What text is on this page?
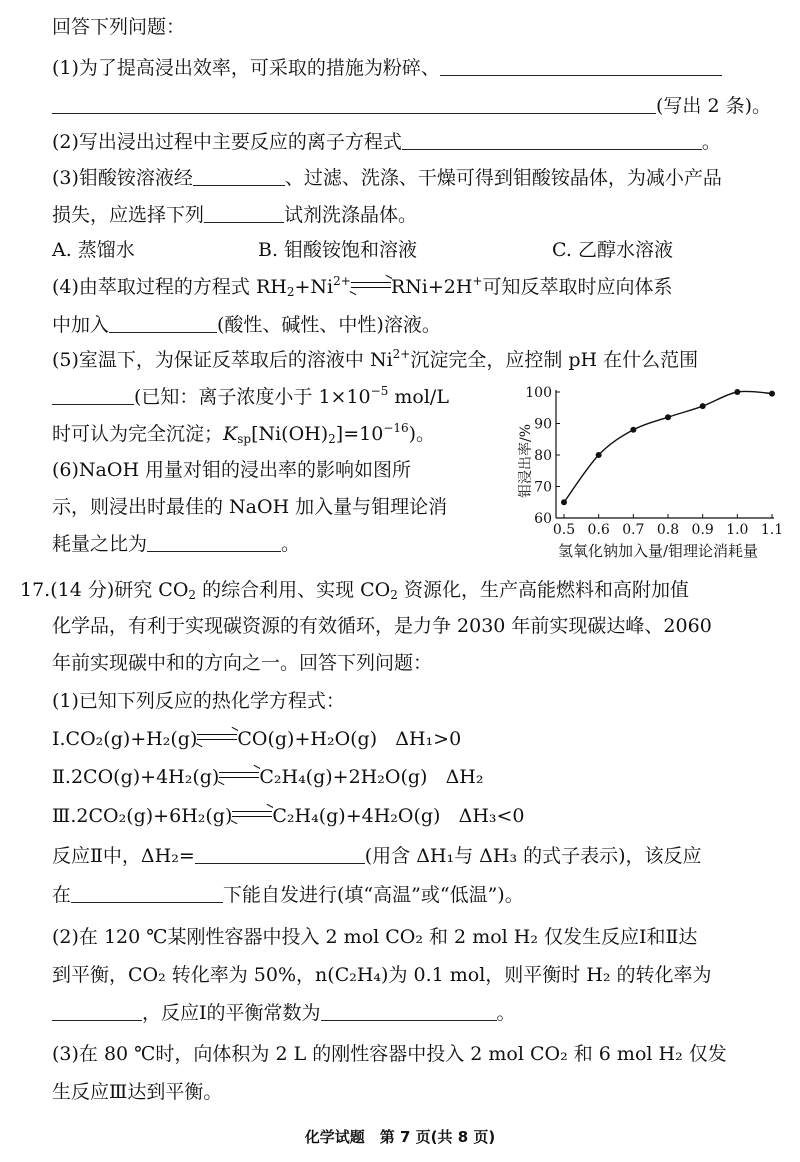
回答下列问题：
(1)为了提高浸出效率，可采取的措施为粉碎、
(写出 2 条)。
(2)写出浸出过程中主要反应的离子方程式	。
(3)钼酸铵溶液经	、过滤、洗涤、干燥可得到钼酸铵晶体，为减小产品
损失，应选择下列	试剂洗涤晶体。
A. 蒸馏水	B. 钼酸铵饱和溶液	C. 乙醇水溶液
(4)由萃取过程的方程式 $RH_2+Ni^{2+}$ RNi+2H+可知反萃取时应向体系
中加入	(酸性、碱性、中性)溶液。
(5)室温下，为保证反萃取后的溶液中 $Ni^{2+}$沉淀完全，应控制 pH 在什么范围
(已知：离子浓度小于 $1\times 10^{-5}$ mol/L
时可认为完全沉淀；$K_{sp}[Ni(OH)_2]=10^{-16}$)。
(6)NaOH 用量对钼的浸出率的影响如图所
示，则浸出时最佳的 NaOH 加入量与钼理论消
耗量之比为	。
60
70
80
90
100
0.5 0.6 0.7 0.8 0.9 1.0 1.1
钼浸出率/%
氢氧化钠加入量/钼理论消耗量
17.(14 分)研究 $CO_2$ 的综合利用、实现 $CO_2$ 资源化，生产高能燃料和高附加值
化学品，有利于实现碳资源的有效循环，是力争 2030 年前实现碳达峰、2060
年前实现碳中和的方向之一。回答下列问题：
(1)已知下列反应的热化学方程式：
Ⅰ.CO₂(g)+H₂(g) CO(g)+H₂O(g) ΔH₁>0
Ⅱ.2CO(g)+4H₂(g) C₂H₄(g)+2H₂O(g) ΔH₂
Ⅲ.2CO₂(g)+6H₂(g) C₂H₄(g)+4H₂O(g) ΔH₃<0
反应Ⅱ中，ΔH₂=	(用含 ΔH₁与 ΔH₃ 的式子表示)，该反应
在	下能自发进行(填“高温”或“低温”)。
(2)在 120 ℃某刚性容器中投入 2 mol CO₂ 和 2 mol H₂ 仅发生反应Ⅰ和Ⅱ达
到平衡，CO₂ 转化率为 50%，n(C₂H₄)为 0.1 mol，则平衡时 H₂ 的转化率为
，反应Ⅰ的平衡常数为	。
(3)在 80 ℃时，向体积为 2 L 的刚性容器中投入 2 mol CO₂ 和 6 mol H₂ 仅发
生反应Ⅲ达到平衡。
化学试题　第 7 页(共 8 页)
